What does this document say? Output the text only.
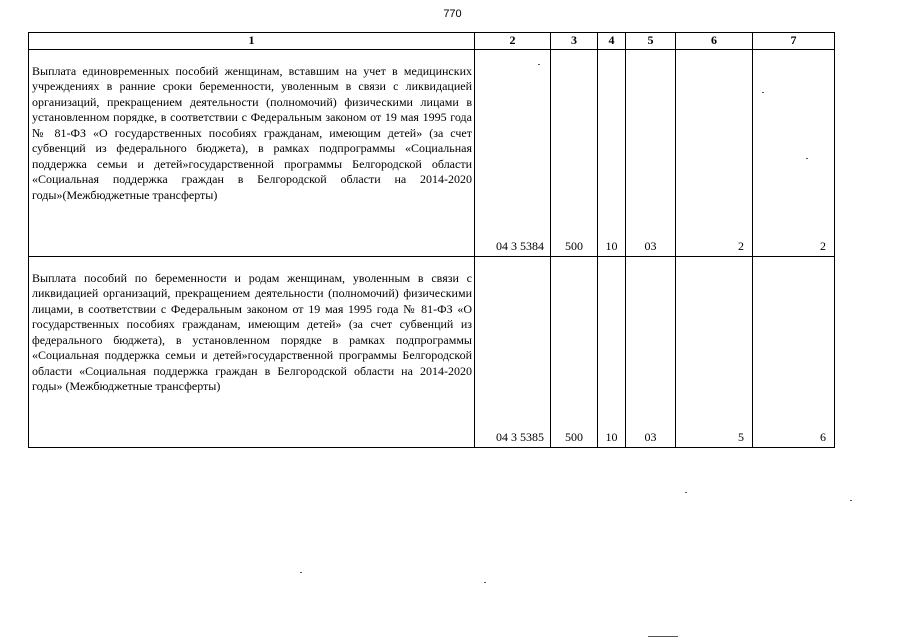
770
1	2	3	4	5	6	7
Выплата единовременных пособий женщинам, вставшим на учет в медицинских учреждениях в ранние сроки беременности, уволенным в связи с ликвидацией организаций, прекращением деятельности (полномочий) физическими лицами в установленном порядке, в соответствии с Федеральным законом от 19 мая 1995 года № 81-ФЗ «О государственных пособиях гражданам, имеющим детей» (за счет субвенций из федерального бюджета), в рамках подпрограммы «Социальная поддержка семьи и детей»государственной программы Белгородской области «Социальная поддержка граждан в Белгородской области на 2014-2020 годы»(Межбюджетные трансферты)	04 3 5384	500	10	03	2	2
Выплата пособий по беременности и родам женщинам, уволенным в связи с ликвидацией организаций, прекращением деятельности (полномочий) физическими лицами, в соответствии с Федеральным законом от 19 мая 1995 года № 81-ФЗ «О государственных пособиях гражданам, имеющим детей» (за счет субвенций из федерального бюджета), в установленном порядке в рамках подпрограммы «Социальная поддержка семьи и детей»государственной программы Белгородской области «Социальная поддержка граждан в Белгородской области на 2014-2020 годы» (Межбюджетные трансферты)	04 3 5385	500	10	03	5	6
